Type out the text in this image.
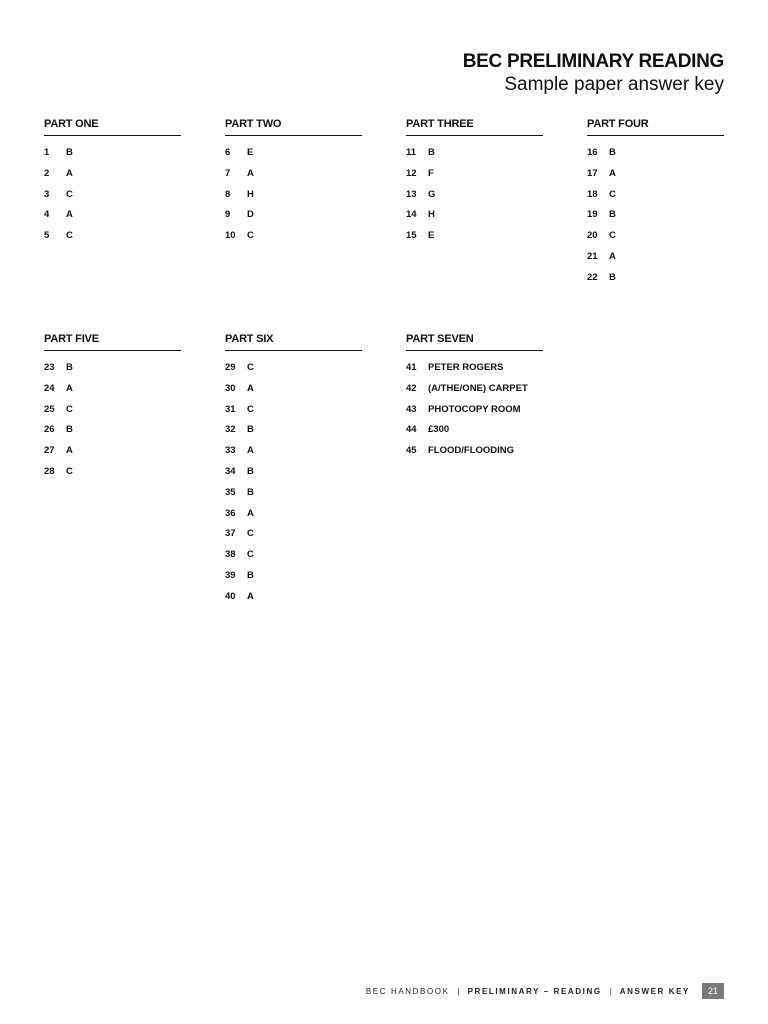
BEC PRELIMINARY READING
Sample paper answer key
PART ONE
1	B
2	A
3	C
4	A
5	C
PART TWO
6	E
7	A
8	H
9	D
10	C
PART THREE
11	B
12	F
13	G
14	H
15	E
PART FOUR
16	B
17	A
18	C
19	B
20	C
21	A
22	B
PART FIVE
23	B
24	A
25	C
26	B
27	A
28	C
PART SIX
29	C
30	A
31	C
32	B
33	A
34	B
35	B
36	A
37	C
38	C
39	B
40	A
PART SEVEN
41	PETER ROGERS
42	(A/THE/ONE) CARPET
43	PHOTOCOPY ROOM
44	£300
45	FLOOD/FLOODING
BEC HANDBOOK | PRELIMINARY – READING | ANSWER KEY	21
